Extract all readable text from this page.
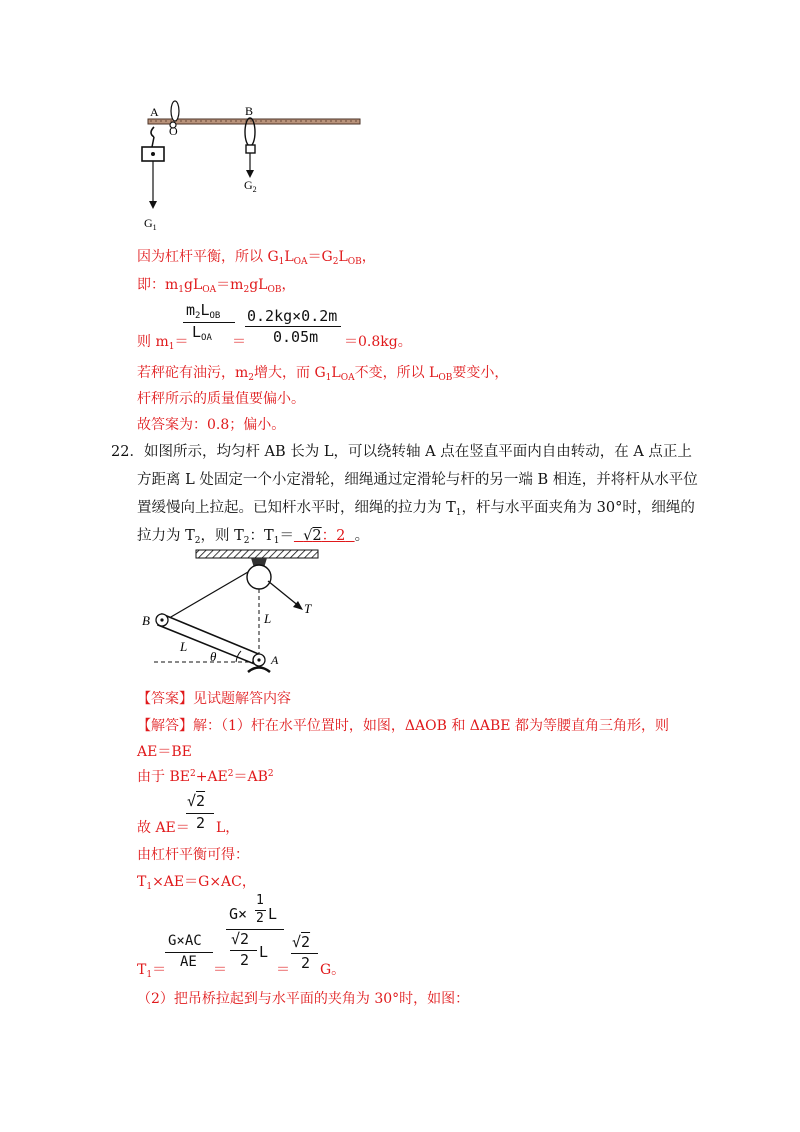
A
O
B
$G_2$
$G_1$
因为杠杆平衡，所以 $G_1L_{OA}=G_2L_{OB}$，
即：$m_1gL_{OA}=m_2gL_{OB}$，
则 $m_1=$
$m_2L_{OB}$
$L_{OA}$ ＝
0.2kg×0.2m
0.05m ＝0.8kg。
若秤砣有油污，$m_2$增大，而 $G_1L_{OA}$不变，所以 $L_{OB}$要变小，
杆秤所示的质量值要偏小。
故答案为：0.8；偏小。
22．如图所示，均匀杆 AB 长为 L，可以绕转轴 A 点在竖直平面内自由转动，在 A 点正上
方距离 L 处固定一个小定滑轮，细绳通过定滑轮与杆的另一端 B 相连，并将杆从水平位
置缓慢向上拉起。已知杆水平时，细绳的拉力为 $T_1$，杆与水平面夹角为 30°时，细绳的
拉力为 $T_2$，则 $T_2$：$T_1= √2$：2 。
B
L
L
θ	A
T
【答案】见试题解答内容
【解答】解：（1）杆在水平位置时，如图，ΔAOB 和 ΔABE 都为等腰直角三角形，则
AE＝BE
由于 $BE^2+AE^2=AB^2$
故 AE＝
√2
2 L，
由杠杆平衡可得：
$T_1\times AE=G\times AC$，
$T_1=$
G×AC
AE ＝
G×
1
2 L
√2
2 L
＝
√2
2 G。
（2）把吊桥拉起到与水平面的夹角为 30°时，如图：
